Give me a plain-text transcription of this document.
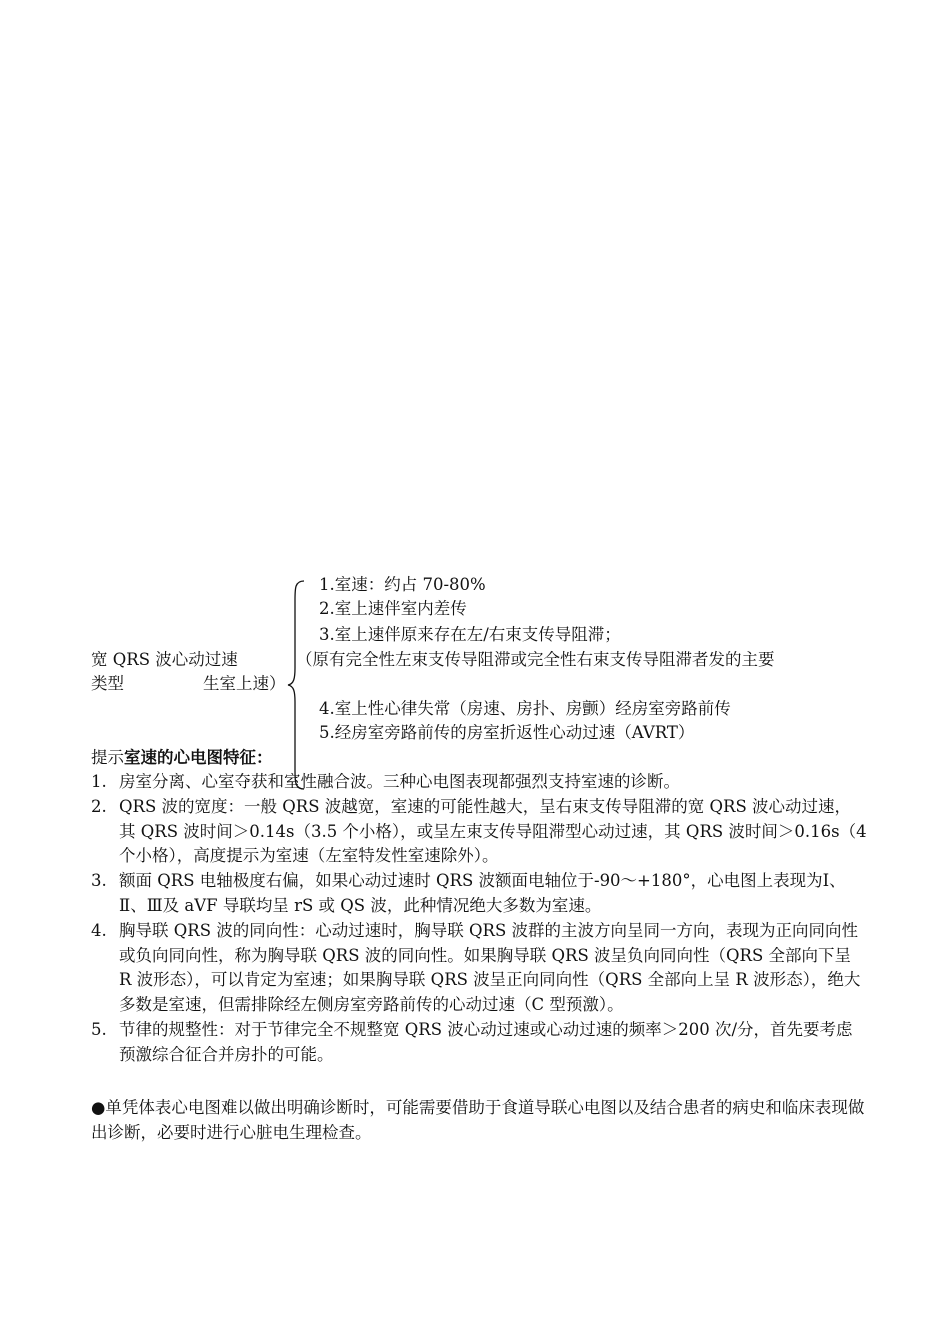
宽 QRS 波心动过速
类型	生室上速）
1.室速：约占 70-80%
2.室上速伴室内差传
3.室上速伴原来存在左/右束支传导阻滞；
（原有完全性左束支传导阻滞或完全性右束支传导阻滞者发的主要
4.室上性心律失常（房速、房扑、房颤）经房室旁路前传
5.经房室旁路前传的房室折返性心动过速（AVRT）
提示室速的心电图特征：
1. 房室分离、心室夺获和室性融合波。三种心电图表现都强烈支持室速的诊断。
2. QRS 波的宽度：一般 QRS 波越宽，室速的可能性越大，呈右束支传导阻滞的宽 QRS 波心动过速，其 QRS 波时间＞0.14s（3.5 个小格），或呈左束支传导阻滞型心动过速，其 QRS 波时间＞0.16s（4 个小格），高度提示为室速（左室特发性室速除外）。
3. 额面 QRS 电轴极度右偏，如果心动过速时 QRS 波额面电轴位于-90～+180°，心电图上表现为Ⅰ、Ⅱ、Ⅲ及 aVF 导联均呈 rS 或 QS 波，此种情况绝大多数为室速。
4. 胸导联 QRS 波的同向性：心动过速时，胸导联 QRS 波群的主波方向呈同一方向，表现为正向同向性或负向同向性，称为胸导联 QRS 波的同向性。如果胸导联 QRS 波呈负向同向性（QRS 全部向下呈 R 波形态），可以肯定为室速；如果胸导联 QRS 波呈正向同向性（QRS 全部向上呈 R 波形态），绝大多数是室速，但需排除经左侧房室旁路前传的心动过速（C 型预激）。
5. 节律的规整性：对于节律完全不规整宽 QRS 波心动过速或心动过速的频率＞200 次/分，首先要考虑预激综合征合并房扑的可能。
●单凭体表心电图难以做出明确诊断时，可能需要借助于食道导联心电图以及结合患者的病史和临床表现做出诊断，必要时进行心脏电生理检查。
